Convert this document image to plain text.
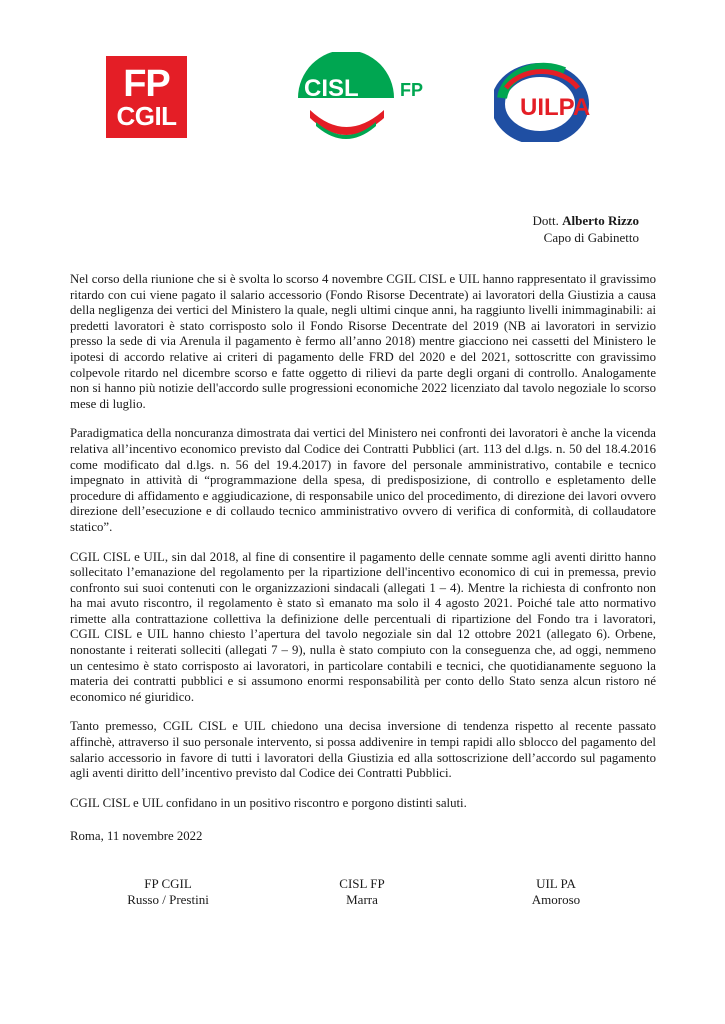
FP
CGIL
CISL FP
UILPA
Dott. Alberto Rizzo
Capo di Gabinetto

Nel corso della riunione che si è svolta lo scorso 4 novembre CGIL CISL e UIL hanno rappresentato il gravissimo ritardo con cui viene pagato il salario accessorio (Fondo Risorse Decentrate) ai lavoratori della Giustizia a causa della negligenza dei vertici del Ministero la quale, negli ultimi cinque anni, ha raggiunto livelli inimmaginabili: ai predetti lavoratori è stato corrisposto solo il Fondo Risorse Decentrate del 2019 (NB ai lavoratori in servizio presso la sede di via Arenula il pagamento è fermo all’anno 2018) mentre giacciono nei cassetti del Ministero le ipotesi di accordo relative ai criteri di pagamento delle FRD del 2020 e del 2021, sottoscritte con gravissimo colpevole ritardo nel dicembre scorso e fatte oggetto di rilievi da parte degli organi di controllo. Analogamente non si hanno più notizie dell'accordo sulle progressioni economiche 2022 licenziato dal tavolo negoziale lo scorso mese di luglio.

Paradigmatica della noncuranza dimostrata dai vertici del Ministero nei confronti dei lavoratori è anche la vicenda relativa all’incentivo economico previsto dal Codice dei Contratti Pubblici (art. 113 del d.lgs. n. 50 del 18.4.2016 come modificato dal d.lgs. n. 56 del 19.4.2017) in favore del personale amministrativo, contabile e tecnico impegnato in attività di “programmazione della spesa, di predisposizione, di controllo e espletamento delle procedure di affidamento e aggiudicazione, di responsabile unico del procedimento, di direzione dei lavori ovvero direzione dell’esecuzione e di collaudo tecnico amministrativo ovvero di verifica di conformità, di collaudatore statico”.

CGIL CISL e UIL, sin dal 2018, al fine di consentire il pagamento delle cennate somme agli aventi diritto hanno sollecitato l’emanazione del regolamento per la ripartizione dell'incentivo economico di cui in premessa, previo confronto sui suoi contenuti con le organizzazioni sindacali (allegati 1 – 4). Mentre la richiesta di confronto non ha mai avuto riscontro, il regolamento è stato sì emanato ma solo il 4 agosto 2021. Poiché tale atto normativo rimette alla contrattazione collettiva la definizione delle percentuali di ripartizione del Fondo tra i lavoratori, CGIL CISL e UIL hanno chiesto l’apertura del tavolo negoziale sin dal 12 ottobre 2021 (allegato 6). Orbene, nonostante i reiterati solleciti (allegati 7 – 9), nulla è stato compiuto con la conseguenza che, ad oggi, nemmeno un centesimo è stato corrisposto ai lavoratori, in particolare contabili e tecnici, che quotidianamente seguono la materia dei contratti pubblici e si assumono enormi responsabilità per conto dello Stato senza alcun ristoro né economico né giuridico.

Tanto premesso, CGIL CISL e UIL chiedono una decisa inversione di tendenza rispetto al recente passato affinchè, attraverso il suo personale intervento, si possa addivenire in tempi rapidi allo sblocco del pagamento del salario accessorio in favore di tutti i lavoratori della Giustizia ed alla sottoscrizione dell’accordo sul pagamento agli aventi diritto dell’incentivo previsto dal Codice dei Contratti Pubblici.

CGIL CISL e UIL confidano in un positivo riscontro e porgono distinti saluti.

Roma, 11 novembre 2022

FP CGIL
Russo / Prestini
CISL FP
Marra
UIL PA
Amoroso
